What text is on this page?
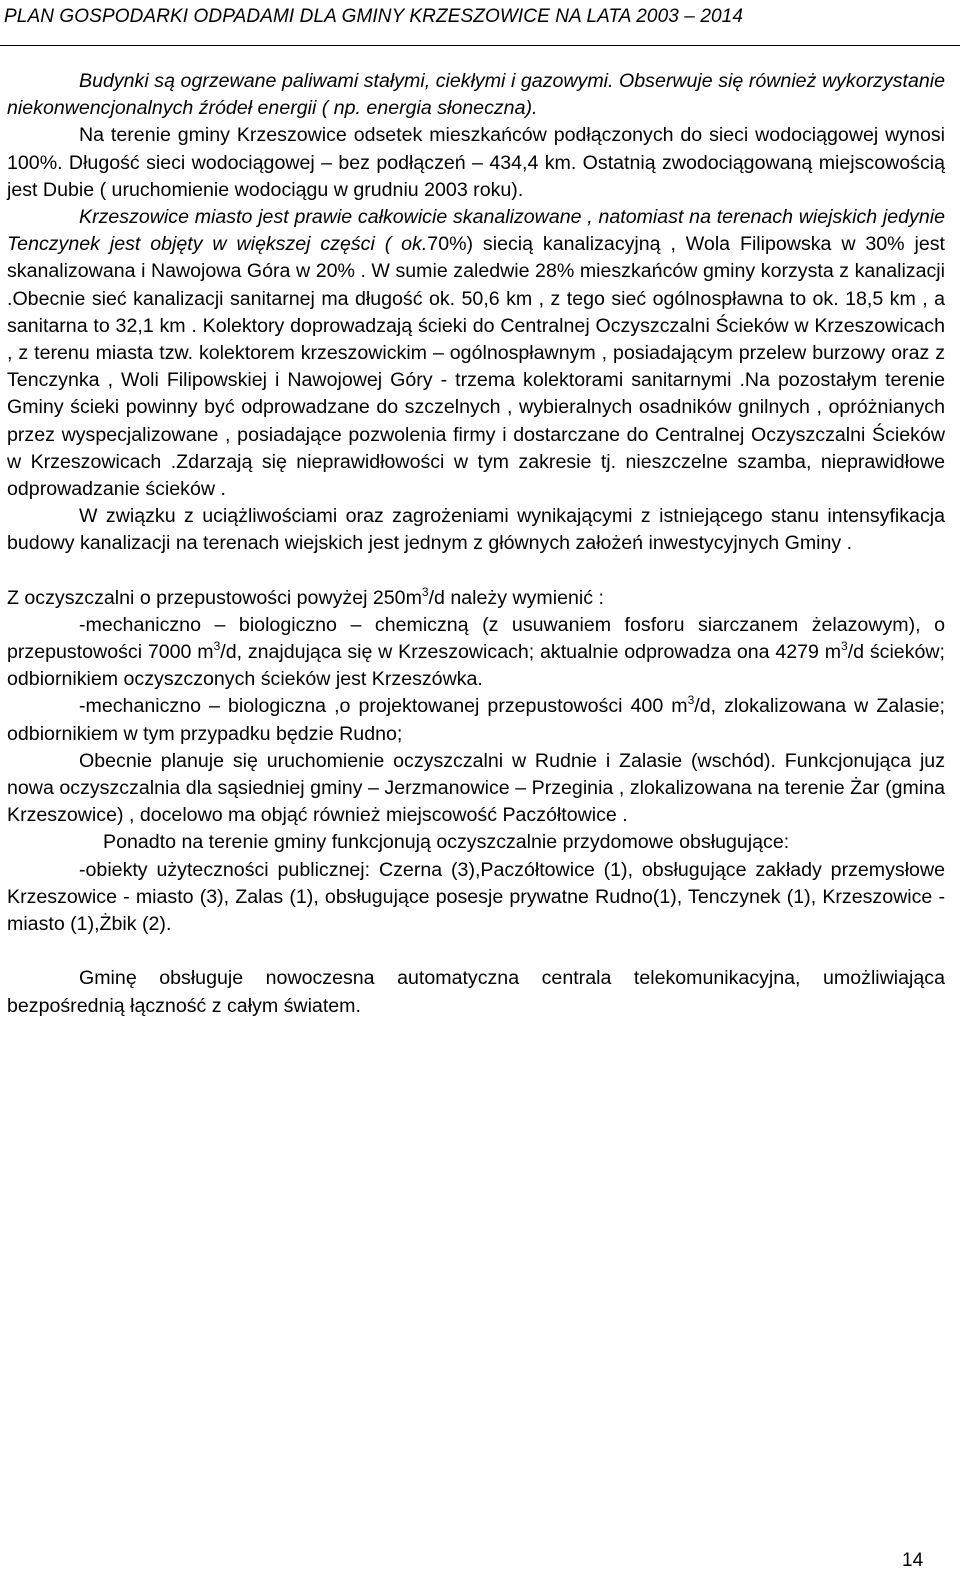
PLAN GOSPODARKI ODPADAMI DLA GMINY KRZESZOWICE NA LATA 2003 – 2014

Budynki są ogrzewane paliwami stałymi, ciekłymi i gazowymi. Obserwuje się również wykorzystanie niekonwencjonalnych źródeł energii ( np. energia słoneczna).

Na terenie gminy Krzeszowice odsetek mieszkańców podłączonych do sieci wodociągowej wynosi 100%. Długość sieci wodociągowej – bez podłączeń – 434,4 km. Ostatnią zwodociągowaną miejscowością jest Dubie ( uruchomienie wodociągu w grudniu 2003 roku).

Krzeszowice miasto jest prawie całkowicie skanalizowane , natomiast na terenach wiejskich jedynie Tenczynek jest objęty w większej części ( ok.70%) siecią kanalizacyjną , Wola Filipowska w 30% jest skanalizowana i Nawojowa Góra w 20% . W sumie zaledwie 28% mieszkańców gminy korzysta z kanalizacji .Obecnie sieć kanalizacji sanitarnej ma długość ok. 50,6 km , z tego sieć ogólnospławna to ok. 18,5 km , a sanitarna to 32,1 km . Kolektory doprowadzają ścieki do Centralnej Oczyszczalni Ścieków w Krzeszowicach , z terenu miasta tzw. kolektorem krzeszowickim – ogólnospławnym , posiadającym przelew burzowy oraz z Tenczynka , Woli Filipowskiej i Nawojowej Góry - trzema kolektorami sanitarnymi .Na pozostałym terenie Gminy ścieki powinny być odprowadzane do szczelnych , wybieralnych osadników gnilnych , opróżnianych przez wyspecjalizowane , posiadające pozwolenia firmy i dostarczane do Centralnej Oczyszczalni Ścieków w Krzeszowicach .Zdarzają się nieprawidłowości w tym zakresie tj. nieszczelne szamba, nieprawidłowe odprowadzanie ścieków .

W związku z uciążliwościami oraz zagrożeniami wynikającymi z istniejącego stanu intensyfikacja budowy kanalizacji na terenach wiejskich jest jednym z głównych założeń inwestycyjnych Gminy .

Z oczyszczalni o przepustowości powyżej $250m^3/d$ należy wymienić :

-mechaniczno – biologiczno – chemiczną (z usuwaniem fosforu siarczanem żelazowym), o przepustowości 7000 $m^3/d$, znajdująca się w Krzeszowicach; aktualnie odprowadza ona 4279 $m^3/d$ ścieków; odbiornikiem oczyszczonych ścieków jest Krzeszówka.

-mechaniczno – biologiczna ,o projektowanej przepustowości 400 $m^3/d$, zlokalizowana w Zalasie; odbiornikiem w tym przypadku będzie Rudno;

Obecnie planuje się uruchomienie oczyszczalni w Rudnie i Zalasie (wschód). Funkcjonująca juz nowa oczyszczalnia dla sąsiedniej gminy – Jerzmanowice – Przeginia , zlokalizowana na terenie Żar (gmina Krzeszowice) , docelowo ma objąć również miejscowość Paczółtowice .

Ponadto na terenie gminy funkcjonują oczyszczalnie przydomowe obsługujące:

-obiekty użyteczności publicznej: Czerna (3),Paczółtowice (1), obsługujące zakłady przemysłowe Krzeszowice - miasto (3), Zalas (1), obsługujące posesje prywatne Rudno(1), Tenczynek (1), Krzeszowice - miasto (1),Żbik (2).

Gminę obsługuje nowoczesna automatyczna centrala telekomunikacyjna, umożliwiająca bezpośrednią łączność z całym światem.

14
